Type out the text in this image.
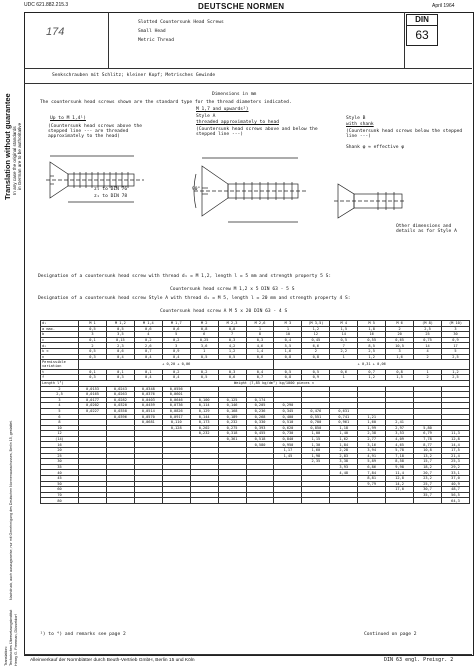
UDC 621.882.215.3	DEUTSCHE NORMEN	April 1964
174
Slotted Countersunk Head Screws
Small Head
Metric Thread
DIN
63
Senkschrauben mit Schlitz; kleiner Kopf; Metrisches Gewinde
Dimensions in mm
The countersunk head screws shown are the standard type for the thread diameters indicated.
Up to M 1,4¹)
(Countersunk head screws above the stepped line --- are threaded approximately to the head)
z₁ to DIN 76
z₁ to DIN 78
M 1,7 and upwards²)
Style A
threaded approximately to head
(Countersunk head screws above and below the stepped line ---)
Style B
with shank
(Countersunk head screws below the stepped line ---)
Shank φ ≈ effective φ
Other dimensions and details as for Style A
90°
Designation of a countersunk head screw with thread d₁ = M 1,2, length l = 5 mm and strength property 5 S:
Countersunk head screw M 1,2 x 5 DIN 63 - 5 S
Designation of a countersunk head screw Style A with thread d₁ = M 5, length l = 20 mm and strength property 4 S:
Countersunk head screw A M 5 x 20 DIN 63 - 4 S
d₁	M 1	M 1,2	M 1,4	M 1,7	M 2	M 2,3	M 2,6	M 3	(M 3,5)	M 4	M 5	M 6	(M 8)	(M 10)
a max.	0,5	0,5	0,6	0,6	0,8	0,8	1	1	1,2	1,5	1,8	2	2,5	3
b	3	3,5	4	5	6	7	8	10	12	14	16	20	25	30
c	0,1	0,15	0,2	0,2	0,25	0,3	0,3	0,4	0,45	0,5	0,55	0,65	0,75	0,9
d₂	2	2,3	2,6	3	3,6	4,2	4,6	5,5	6,6	7	8,5	10,5	14	17
k ≈	0,5	0,6	0,7	0,9	1	1,2	1,4	1,6	2	2,2	2,5	3	4	5
n	0,3	0,4	0,4	0,4	0,5	0,5	0,6	0,8	0,8	1	1,2	1,6	2	2,5
Permissible variation	+ 0,20 + 0,06							+ 0,31 + 0,06						
t	0,1	0,1	0,1	0,2	0,2	0,3	0,4	0,5	0,5	0,6	0,7	0,8	1	1,2
f	0,3	0,3	0,4	0,4	0,5	0,6	0,7	0,8	0,9	1	1,2	1,5	2	2,5
Length l³)	Weight (7,85 kg/dm³) kg/1000 pieces ≈													
2	0,0153	0,0243	0,0348	0,0556										
2,5	0,0165	0,0263	0,0376	0,0601										
3	0,0177	0,0282	0,0403	0,0646	0,100	0,125	0,174							
4	0,0202	0,0320	0,0459	0,0736	0,114	0,146	0,205	0,290						
5	0,0227	0,0358	0,0514	0,0826	0,129	0,168	0,236	0,345	0,476	0,631				
6		0,0396	0,0570	0,0917	0,144	0,189	0,268	0,400	0,551	0,741	1,21			
8			0,0681	0,110	0,173	0,232	0,330	0,510	0,700	0,961	1,60	2,41		
10				0,128	0,202	0,275	0,393	0,620	0,850	1,18	1,99	2,97	5,80	
12					0,232	0,318	0,455	0,730	1,00	1,40	2,38	3,53	6,79	11,3
(14)						0,361	0,518	0,840	1,15	1,62	2,77	4,09	7,78	12,8
16							0,580	0,950	1,30	1,84	3,16	4,65	8,77	14,4
20								1,17	1,60	2,28	3,94	5,78	10,8	17,5
25								1,45	1,98	2,83	4,91	7,18	13,2	21,4
30									2,35	3,38	5,89	8,58	15,7	25,3
35										3,93	6,86	9,98	18,2	29,2
40										4,48	7,84	11,4	20,7	33,1
45											8,81	12,8	23,2	37,0
50											9,79	14,2	25,7	40,9
60												17,0	30,7	48,7
70													35,7	56,5
80														64,3
¹) to ⁴) and remarks see page 2	Continued on page 2
Alleinverkauf der Normblätter durch Beuth-Vertrieb GmbH, Berlin 15 und Köln	DIN 63 engl. Preisgr. 2
Translation without guarantee In any case the original standards in German are to be authoritative
Nachdruck, auch auszugsweise, nur mit Genehmigung des Deutschen Normenausschusses, Berlin 15, gestattet.
Translation: Technisches Übersetzungsinstitut Henry G. Freeman, Düsseldorf
